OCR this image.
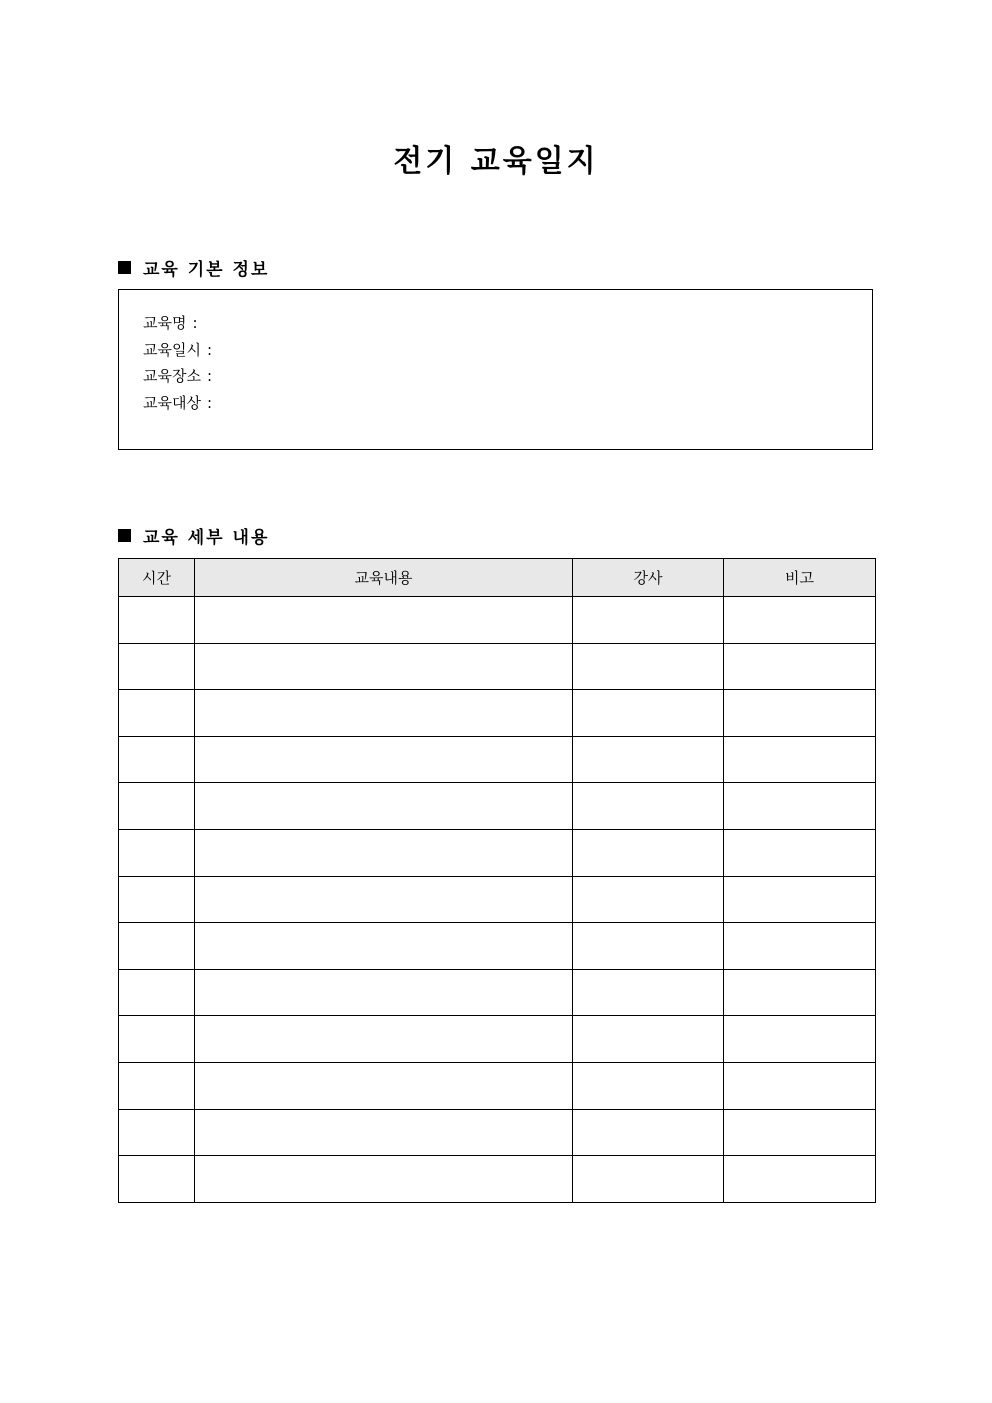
전기 교육일지
교육 기본 정보
교육명 :
교육일시 :
교육장소 :
교육대상 :
교육 세부 내용
시간	교육내용	강사	비고
